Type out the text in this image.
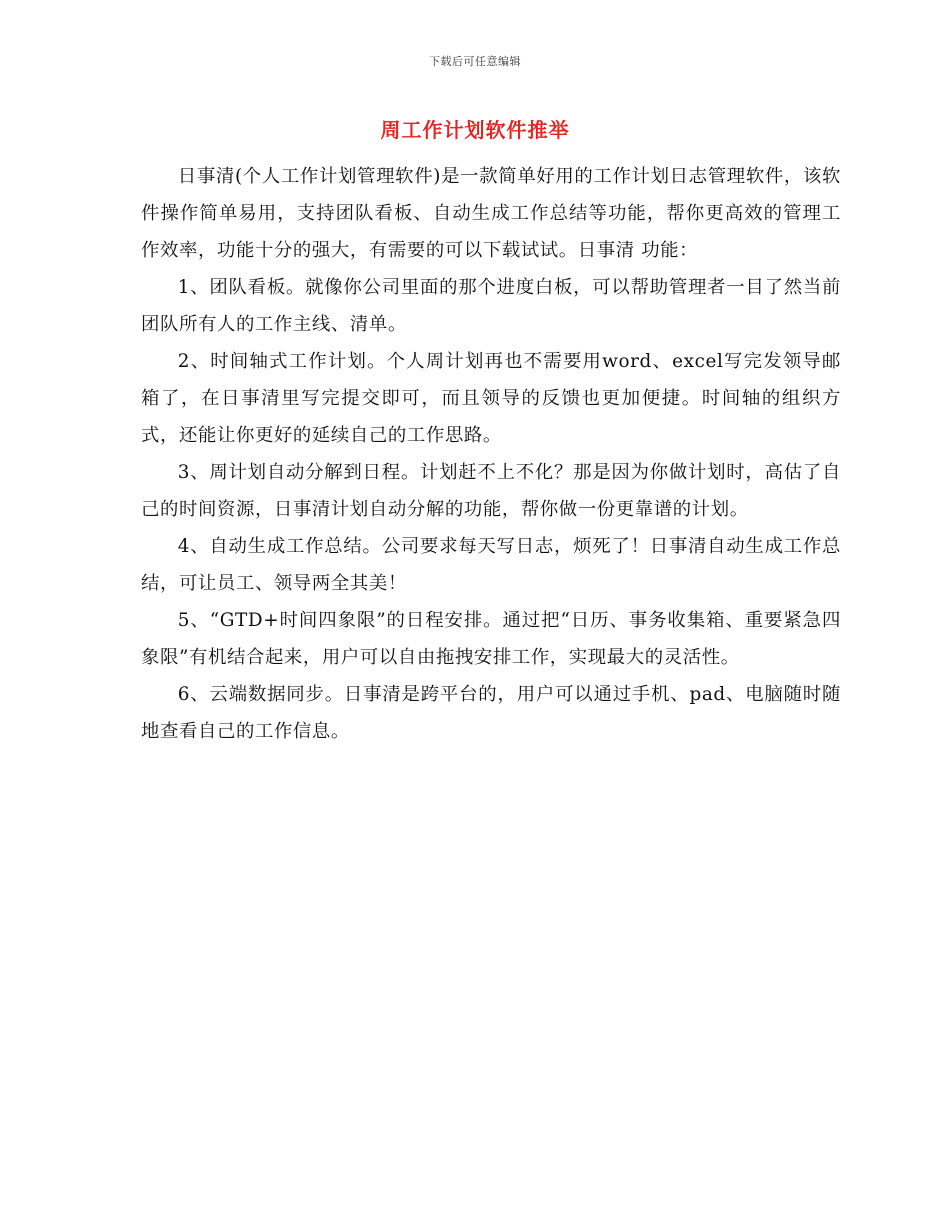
下载后可任意编辑
周工作计划软件推举

日事清(个人工作计划管理软件)是一款简单好用的工作计划日志管理软件，该软件操作简单易用，支持团队看板、自动生成工作总结等功能，帮你更高效的管理工作效率，功能十分的强大，有需要的可以下载试试。日事清 功能：

1、团队看板。就像你公司里面的那个进度白板，可以帮助管理者一目了然当前团队所有人的工作主线、清单。

2、时间轴式工作计划。个人周计划再也不需要用word、excel写完发领导邮箱了，在日事清里写完提交即可，而且领导的反馈也更加便捷。时间轴的组织方式，还能让你更好的延续自己的工作思路。

3、周计划自动分解到日程。计划赶不上不化？那是因为你做计划时，高估了自己的时间资源，日事清计划自动分解的功能，帮你做一份更靠谱的计划。

4、自动生成工作总结。公司要求每天写日志，烦死了！日事清自动生成工作总结，可让员工、领导两全其美！

5、“GTD+时间四象限”的日程安排。通过把“日历、事务收集箱、重要紧急四象限”有机结合起来，用户可以自由拖拽安排工作，实现最大的灵活性。

6、云端数据同步。日事清是跨平台的，用户可以通过手机、pad、电脑随时随地查看自己的工作信息。
